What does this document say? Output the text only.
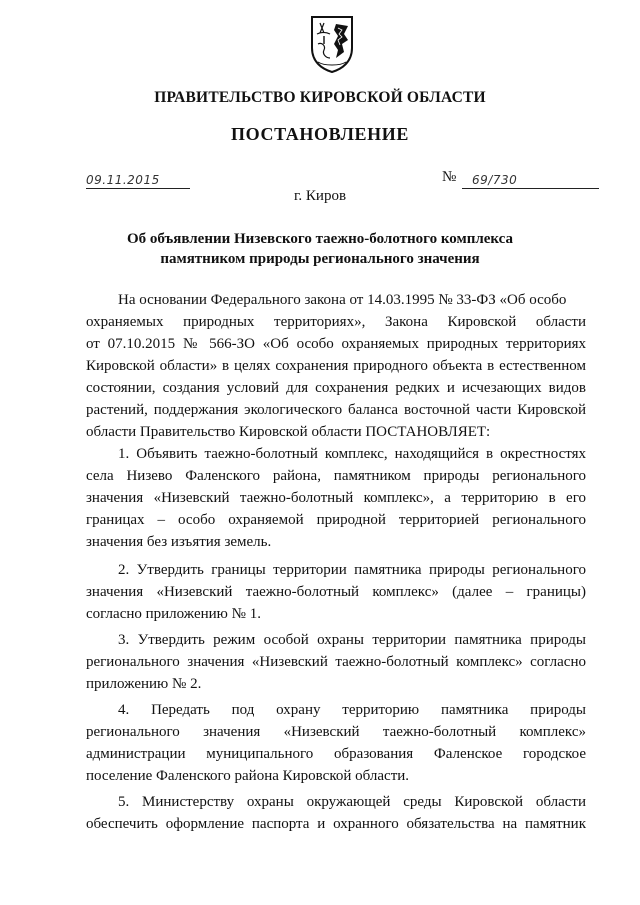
ПРАВИТЕЛЬСТВО КИРОВСКОЙ ОБЛАСТИ
ПОСТАНОВЛЕНИЕ
09.11.2015	№ 69/730
г. Киров
Об объявлении Низевского таежно-болотного комплекса
памятником природы регионального значения
На основании Федерального закона от 14.03.1995 № 33-ФЗ «Об особо
охраняемых природных территориях», Закона Кировской области
от 07.10.2015 № 566-ЗО «Об особо охраняемых природных территориях
Кировской области» в целях сохранения природного объекта в естественном
состоянии, создания условий для сохранения редких и исчезающих видов
растений, поддержания экологического баланса восточной части Кировской
области Правительство Кировской области ПОСТАНОВЛЯЕТ:
1. Объявить таежно-болотный комплекс, находящийся в окрестностях
села Низево Фаленского района, памятником природы регионального
значения «Низевский таежно-болотный комплекс», а территорию в его
границах – особо охраняемой природной территорией регионального
значения без изъятия земель.
2. Утвердить границы территории памятника природы регионального
значения «Низевский таежно-болотный комплекс» (далее – границы)
согласно приложению № 1.
3. Утвердить режим особой охраны территории памятника природы
регионального значения «Низевский таежно-болотный комплекс» согласно
приложению № 2.
4. Передать под охрану территорию памятника природы
регионального значения «Низевский таежно-болотный комплекс»
администрации муниципального образования Фаленское городское
поселение Фаленского района Кировской области.
5. Министерству охраны окружающей среды Кировской области
обеспечить оформление паспорта и охранного обязательства на памятник
